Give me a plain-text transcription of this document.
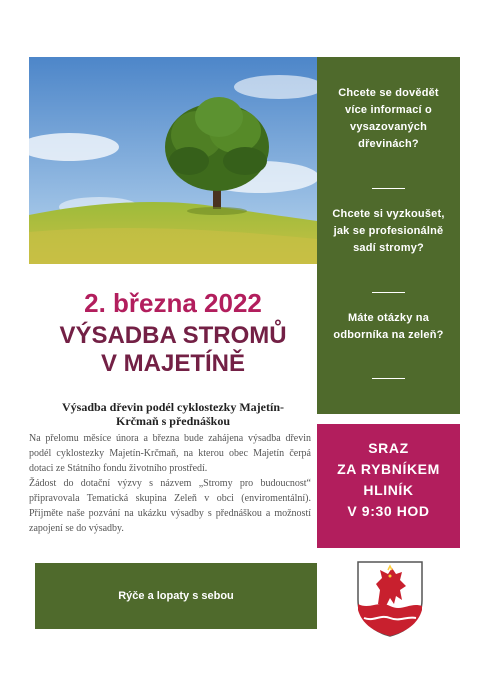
Chcete se dovědět více informací o vysazovaných dřevinách?
Chcete si vyzkoušet, jak se profesionálně sadí stromy?
Máte otázky na odborníka na zeleň?
2. března 2022
VÝSADBA STROMŮ
V MAJETÍNĚ
Výsadba dřevin podél cyklostezky Majetín-Krčmaň s přednáškou
Na přelomu měsíce února a března bude zahájena výsadba dřevin podél cyklostezky Majetín-Krčmaň, na kterou obec Majetín čerpá dotaci ze Státního fondu životního prostředí.
Žádost do dotační výzvy s názvem „Stromy pro budoucnost“ připravovala Tematická skupina Zeleň v obci (enviromentální). Přijměte naše pozvání na ukázku výsadby s přednáškou a možností zapojení se do výsadby.
SRAZ
ZA RYBNÍKEM
HLINÍK
V 9:30 HOD
Rýče a lopaty s sebou
